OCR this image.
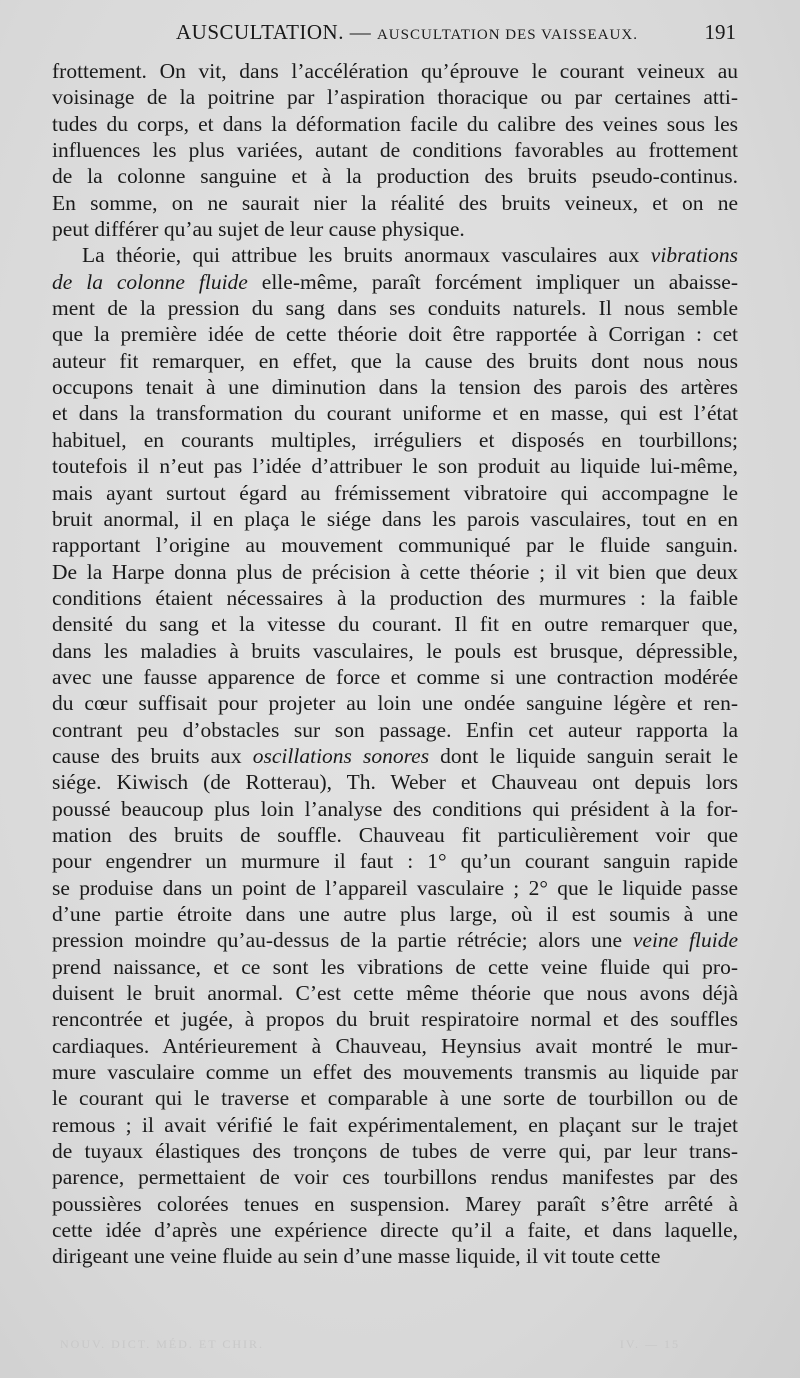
AUSCULTATION. — AUSCULTATION DES VAISSEAUX.	191
frottement. On vit, dans l’accélération qu’éprouve le courant veineux au
voisinage de la poitrine par l’aspiration thoracique ou par certaines atti-
tudes du corps, et dans la déformation facile du calibre des veines sous les
influences les plus variées, autant de conditions favorables au frottement
de la colonne sanguine et à la production des bruits pseudo-continus.
En somme, on ne saurait nier la réalité des bruits veineux, et on ne
peut différer qu’au sujet de leur cause physique.
La théorie, qui attribue les bruits anormaux vasculaires aux vibrations
de la colonne fluide elle-même, paraît forcément impliquer un abaisse-
ment de la pression du sang dans ses conduits naturels. Il nous semble
que la première idée de cette théorie doit être rapportée à Corrigan : cet
auteur fit remarquer, en effet, que la cause des bruits dont nous nous
occupons tenait à une diminution dans la tension des parois des artères
et dans la transformation du courant uniforme et en masse, qui est l’état
habituel, en courants multiples, irréguliers et disposés en tourbillons;
toutefois il n’eut pas l’idée d’attribuer le son produit au liquide lui-même,
mais ayant surtout égard au frémissement vibratoire qui accompagne le
bruit anormal, il en plaça le siége dans les parois vasculaires, tout en en
rapportant l’origine au mouvement communiqué par le fluide sanguin.
De la Harpe donna plus de précision à cette théorie ; il vit bien que deux
conditions étaient nécessaires à la production des murmures : la faible
densité du sang et la vitesse du courant. Il fit en outre remarquer que,
dans les maladies à bruits vasculaires, le pouls est brusque, dépressible,
avec une fausse apparence de force et comme si une contraction modérée
du cœur suffisait pour projeter au loin une ondée sanguine légère et ren-
contrant peu d’obstacles sur son passage. Enfin cet auteur rapporta la
cause des bruits aux oscillations sonores dont le liquide sanguin serait le
siége. Kiwisch (de Rotterau), Th. Weber et Chauveau ont depuis lors
poussé beaucoup plus loin l’analyse des conditions qui président à la for-
mation des bruits de souffle. Chauveau fit particulièrement voir que
pour engendrer un murmure il faut : 1° qu’un courant sanguin rapide
se produise dans un point de l’appareil vasculaire ; 2° que le liquide passe
d’une partie étroite dans une autre plus large, où il est soumis à une
pression moindre qu’au-dessus de la partie rétrécie; alors une veine fluide
prend naissance, et ce sont les vibrations de cette veine fluide qui pro-
duisent le bruit anormal. C’est cette même théorie que nous avons déjà
rencontrée et jugée, à propos du bruit respiratoire normal et des souffles
cardiaques. Antérieurement à Chauveau, Heynsius avait montré le mur-
mure vasculaire comme un effet des mouvements transmis au liquide par
le courant qui le traverse et comparable à une sorte de tourbillon ou de
remous ; il avait vérifié le fait expérimentalement, en plaçant sur le trajet
de tuyaux élastiques des tronçons de tubes de verre qui, par leur trans-
parence, permettaient de voir ces tourbillons rendus manifestes par des
poussières colorées tenues en suspension. Marey paraît s’être arrêté à
cette idée d’après une expérience directe qu’il a faite, et dans laquelle,
dirigeant une veine fluide au sein d’une masse liquide, il vit toute cette
NOUV. DICT. MÉD. ET CHIR.	IV. — 15
